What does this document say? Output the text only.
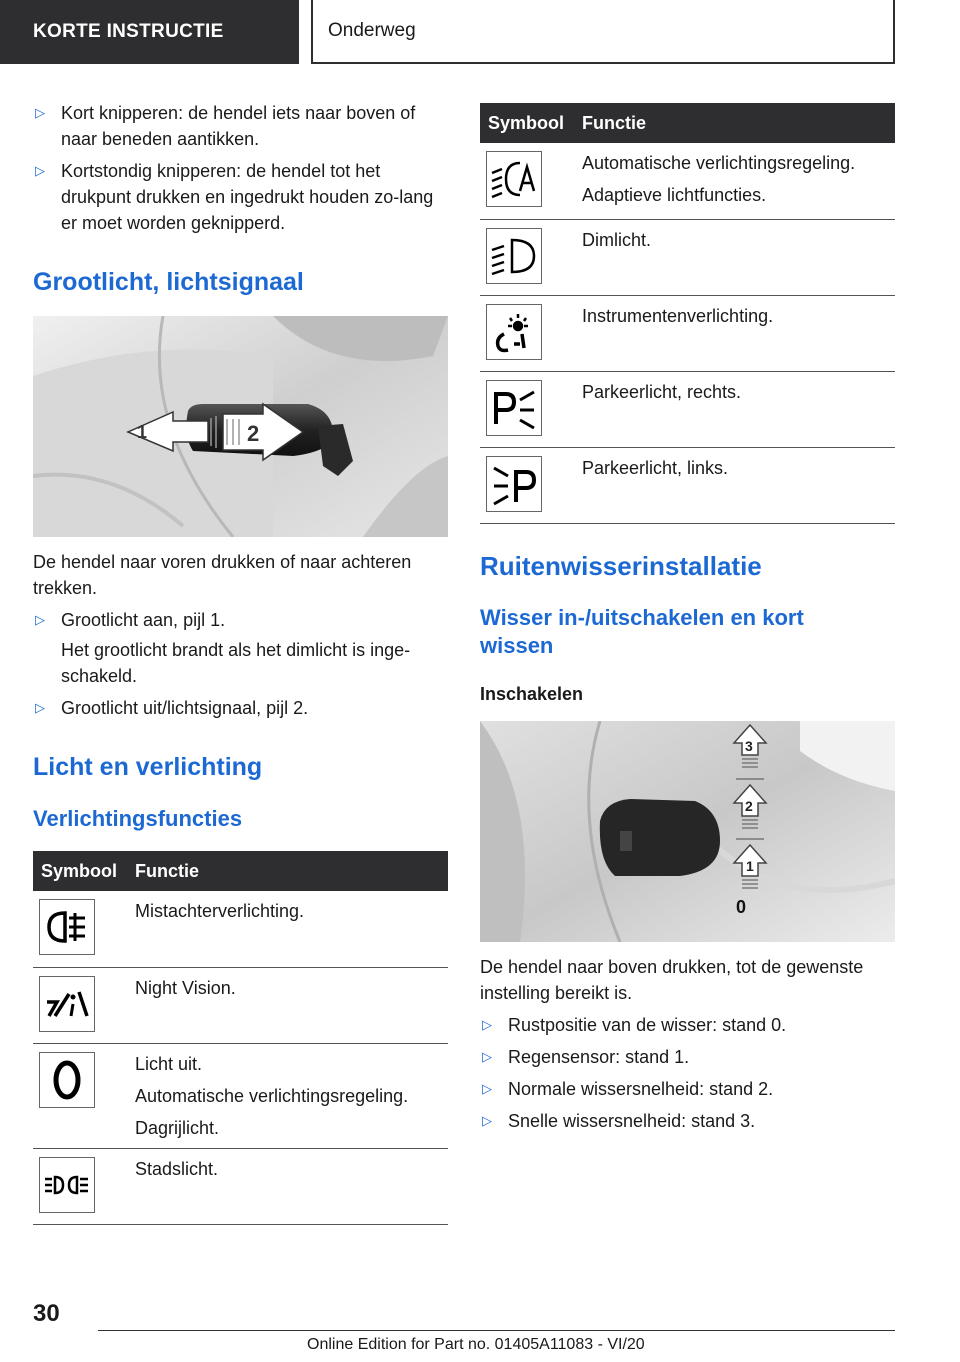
KORTE INSTRUCTIE	Onderweg
▷ Kort knipperen: de hendel iets naar boven of naar beneden aantikken.
▷ Kortstondig knipperen: de hendel tot het drukpunt drukken en ingedrukt houden zo-lang er moet worden geknipperd.
Grootlicht, lichtsignaal
1	2

De hendel naar voren drukken of naar achteren trekken.

▷ Grootlicht aan, pijl 1.
Het grootlicht brandt als het dimlicht is inge-schakeld.
▷ Grootlicht uit/lichtsignaal, pijl 2.
Licht en verlichting
Verlichtingsfuncties
Symbool	Functie

Mistachterverlichting.

Night Vision.

Licht uit.
Automatische verlichtingsregeling.
Dagrijlicht.

Stadslicht.
Symbool	Functie

Automatische verlichtingsregeling.
Adaptieve lichtfuncties.

Dimlicht.

Instrumentenverlichting.

Parkeerlicht, rechts.

Parkeerlicht, links.
Ruitenwisserinstallatie
Wisser in-/uitschakelen en kort wissen
Inschakelen
3
2
1
0

De hendel naar boven drukken, tot de gewenste instelling bereikt is.

▷ Rustpositie van de wisser: stand 0.
▷ Regensensor: stand 1.
▷ Normale wissersnelheid: stand 2.
▷ Snelle wissersnelheid: stand 3.
30
Online Edition for Part no. 01405A11083 - VI/20
